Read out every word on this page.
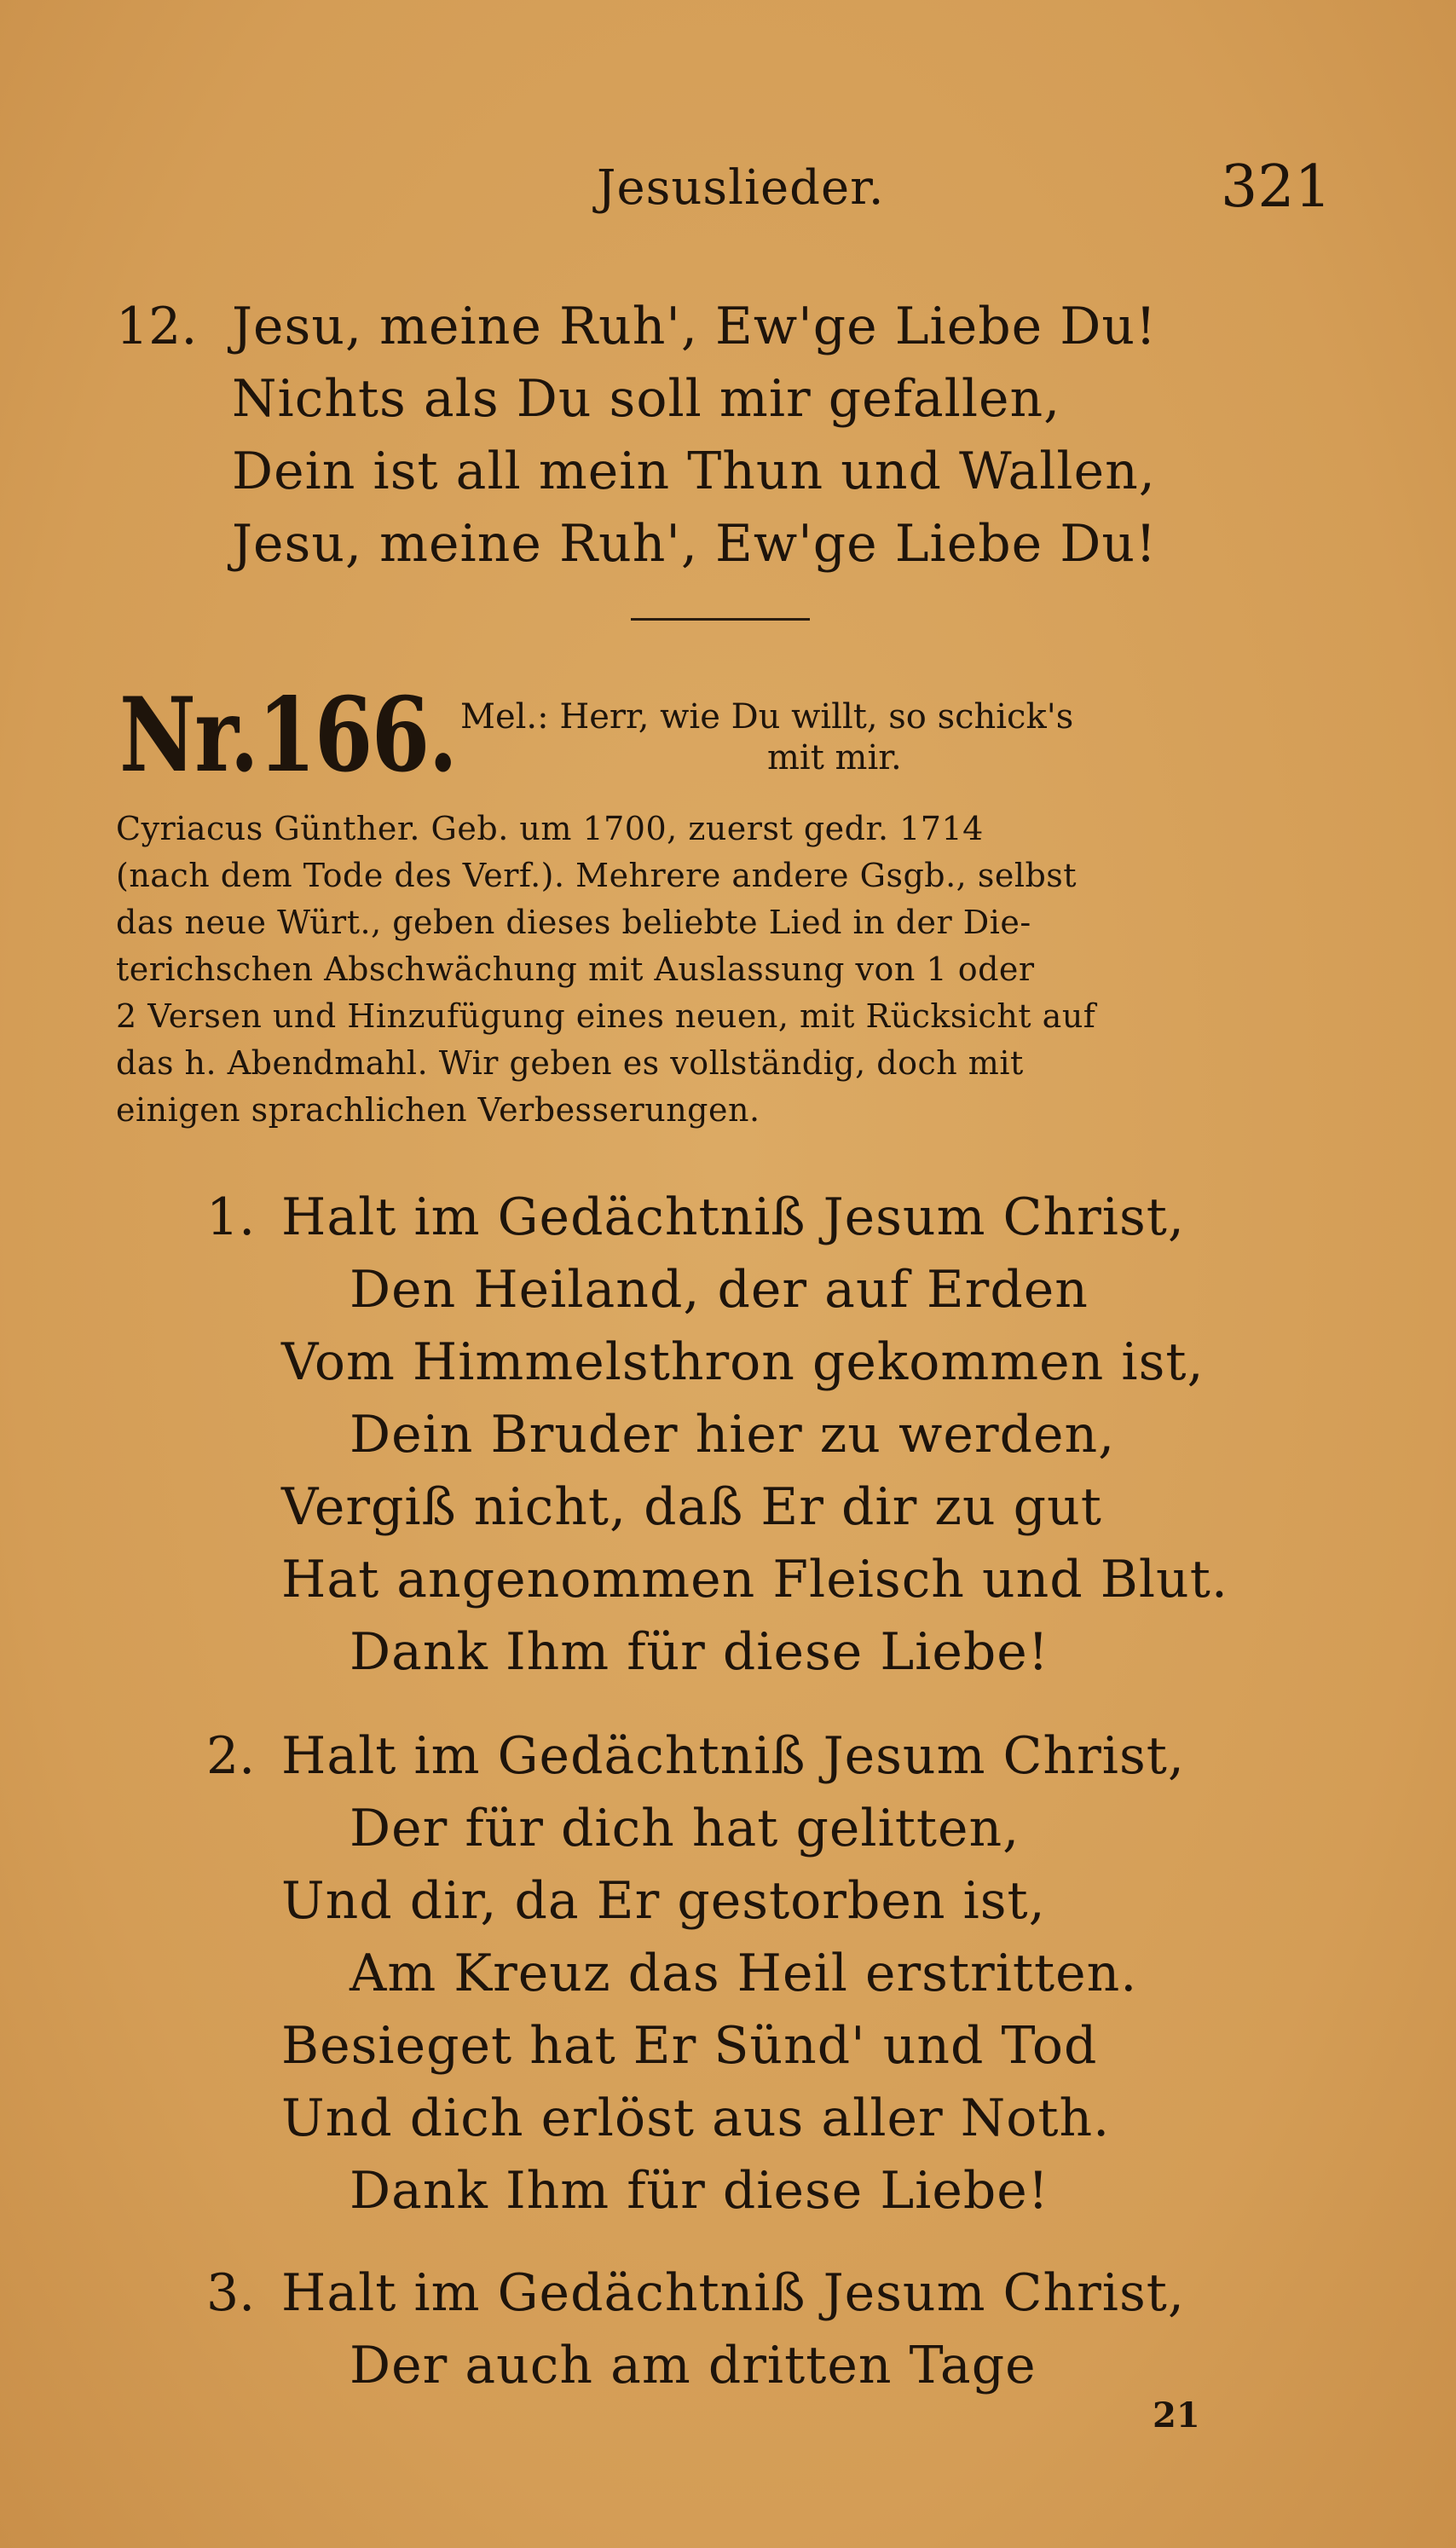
Jesuslieder.	321
12. Jesu, meine Ruh', Ew'ge Liebe Du!
Nichts als Du soll mir gefallen,
Dein ist all mein Thun und Wallen,
Jesu, meine Ruh', Ew'ge Liebe Du!
Nr.166. Mel.: Herr, wie Du willt, so schick's
mit mir.
Cyriacus Günther. Geb. um 1700, zuerst gedr. 1714
(nach dem Tode des Verf.). Mehrere andere Gsgb., selbst
das neue Würt., geben dieses beliebte Lied in der Die-
terichschen Abschwächung mit Auslassung von 1 oder
2 Versen und Hinzufügung eines neuen, mit Rücksicht auf
das h. Abendmahl. Wir geben es vollständig, doch mit
einigen sprachlichen Verbesserungen.
1. Halt im Gedächtniß Jesum Christ,
Den Heiland, der auf Erden
Vom Himmelsthron gekommen ist,
Dein Bruder hier zu werden,
Vergiß nicht, daß Er dir zu gut
Hat angenommen Fleisch und Blut.
Dank Ihm für diese Liebe!
2. Halt im Gedächtniß Jesum Christ,
Der für dich hat gelitten,
Und dir, da Er gestorben ist,
Am Kreuz das Heil erstritten.
Besieget hat Er Sünd' und Tod
Und dich erlöst aus aller Noth.
Dank Ihm für diese Liebe!
3. Halt im Gedächtniß Jesum Christ,
Der auch am dritten Tage
21
